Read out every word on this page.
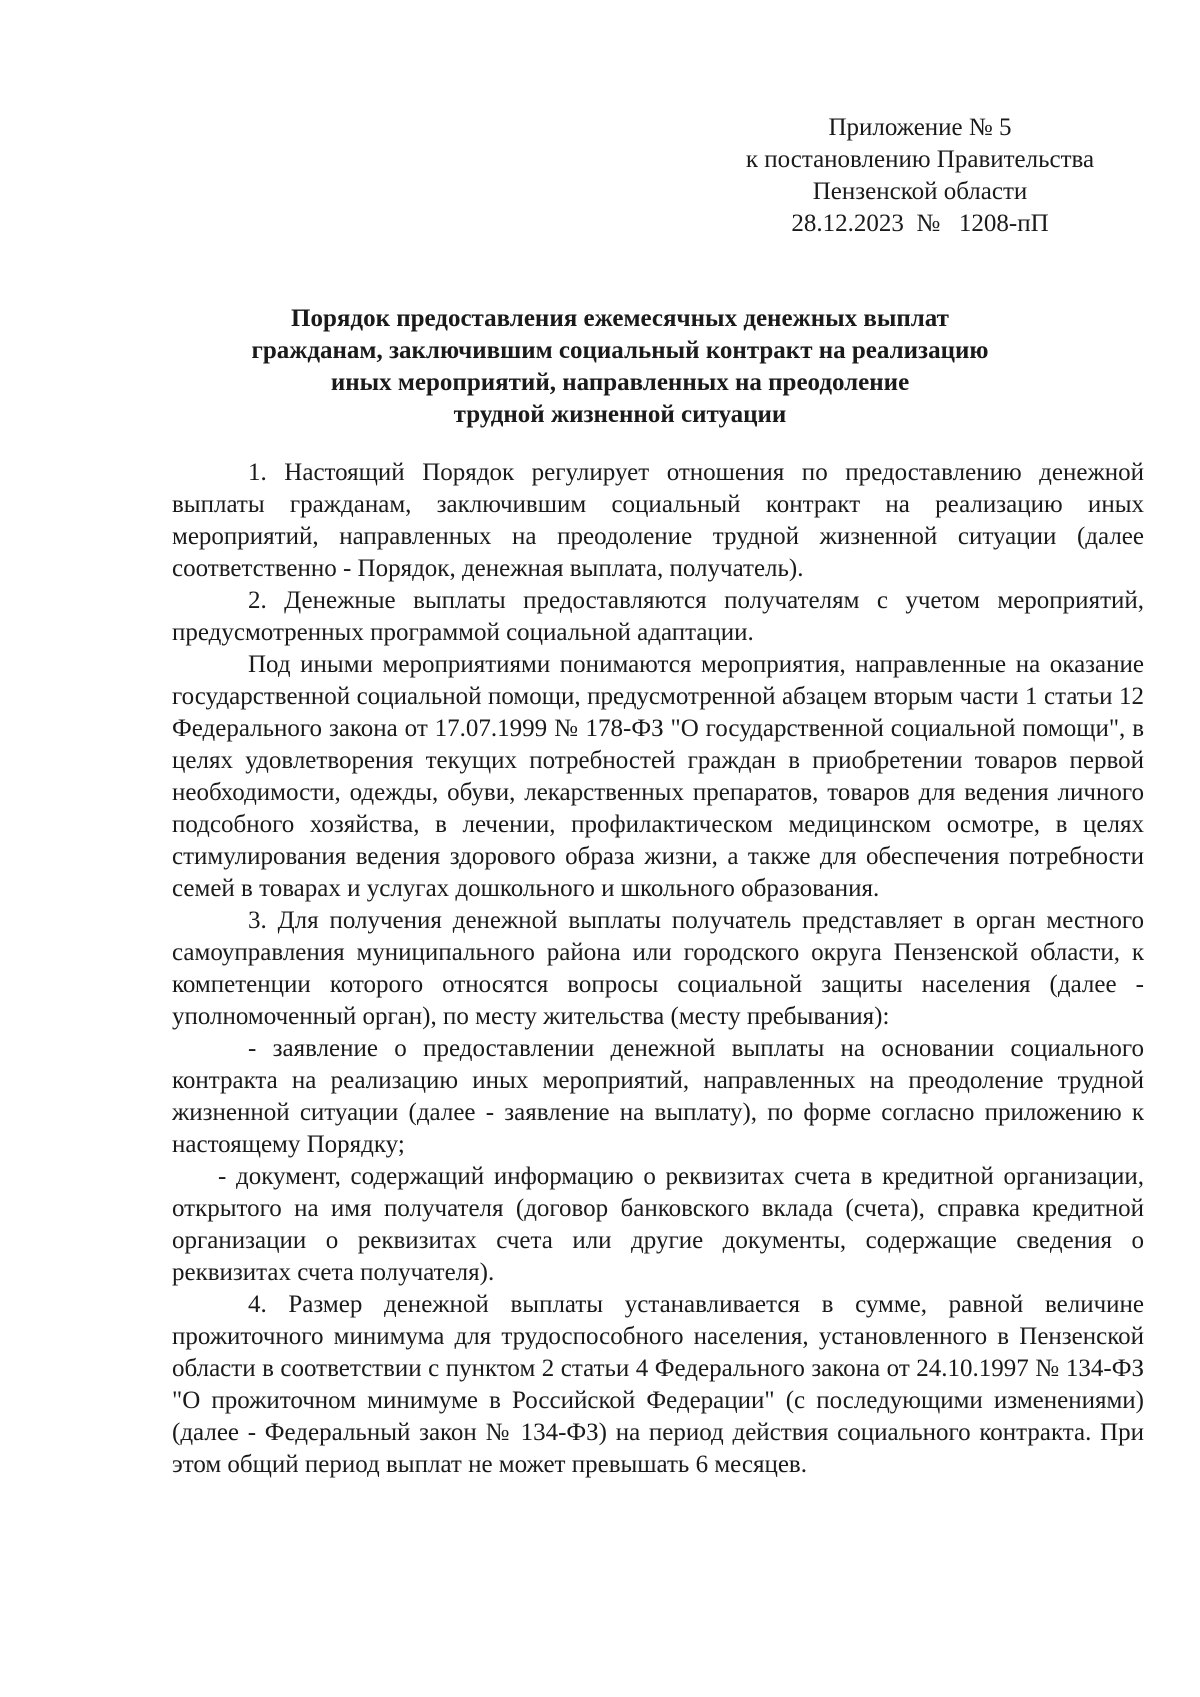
Приложение № 5
к постановлению Правительства
Пензенской области
28.12.2023  №   1208-пП
Порядок предоставления ежемесячных денежных выплат
гражданам, заключившим социальный контракт на реализацию
иных мероприятий, направленных на преодоление
трудной жизненной ситуации

1. Настоящий Порядок регулирует отношения по предоставлению денежной выплаты гражданам, заключившим социальный контракт на реализацию иных мероприятий, направленных на преодоление трудной жизненной ситуации (далее соответственно - Порядок, денежная выплата, получатель).

2. Денежные выплаты предоставляются получателям с учетом мероприятий, предусмотренных программой социальной адаптации.

Под иными мероприятиями понимаются мероприятия, направленные на оказание государственной социальной помощи, предусмотренной абзацем вторым части 1 статьи 12 Федерального закона от 17.07.1999 № 178-ФЗ "О государственной социальной помощи", в целях удовлетворения текущих потребностей граждан в приобретении товаров первой необходимости, одежды, обуви, лекарственных препаратов, товаров для ведения личного подсобного хозяйства, в лечении, профилактическом медицинском осмотре, в целях стимулирования ведения здорового образа жизни, а также для обеспечения потребности семей в товарах и услугах дошкольного и школьного образования.

3. Для получения денежной выплаты получатель представляет в орган местного самоуправления муниципального района или городского округа Пензенской области, к компетенции которого относятся вопросы социальной защиты населения (далее - уполномоченный орган), по месту жительства (месту пребывания):

- заявление о предоставлении денежной выплаты на основании социального контракта на реализацию иных мероприятий, направленных на преодоление трудной жизненной ситуации (далее - заявление на выплату), по форме согласно приложению к настоящему Порядку;

- документ, содержащий информацию о реквизитах счета в кредитной организации, открытого на имя получателя (договор банковского вклада (счета), справка кредитной организации о реквизитах счета или другие документы, содержащие сведения о реквизитах счета получателя).

4. Размер денежной выплаты устанавливается в сумме, равной величине прожиточного минимума для трудоспособного населения, установленного в Пензенской области в соответствии с пунктом 2 статьи 4 Федерального закона от 24.10.1997 № 134-ФЗ "О прожиточном минимуме в Российской Федерации" (с последующими изменениями) (далее - Федеральный закон № 134-ФЗ) на период действия социального контракта. При этом общий период выплат не может превышать 6 месяцев.
